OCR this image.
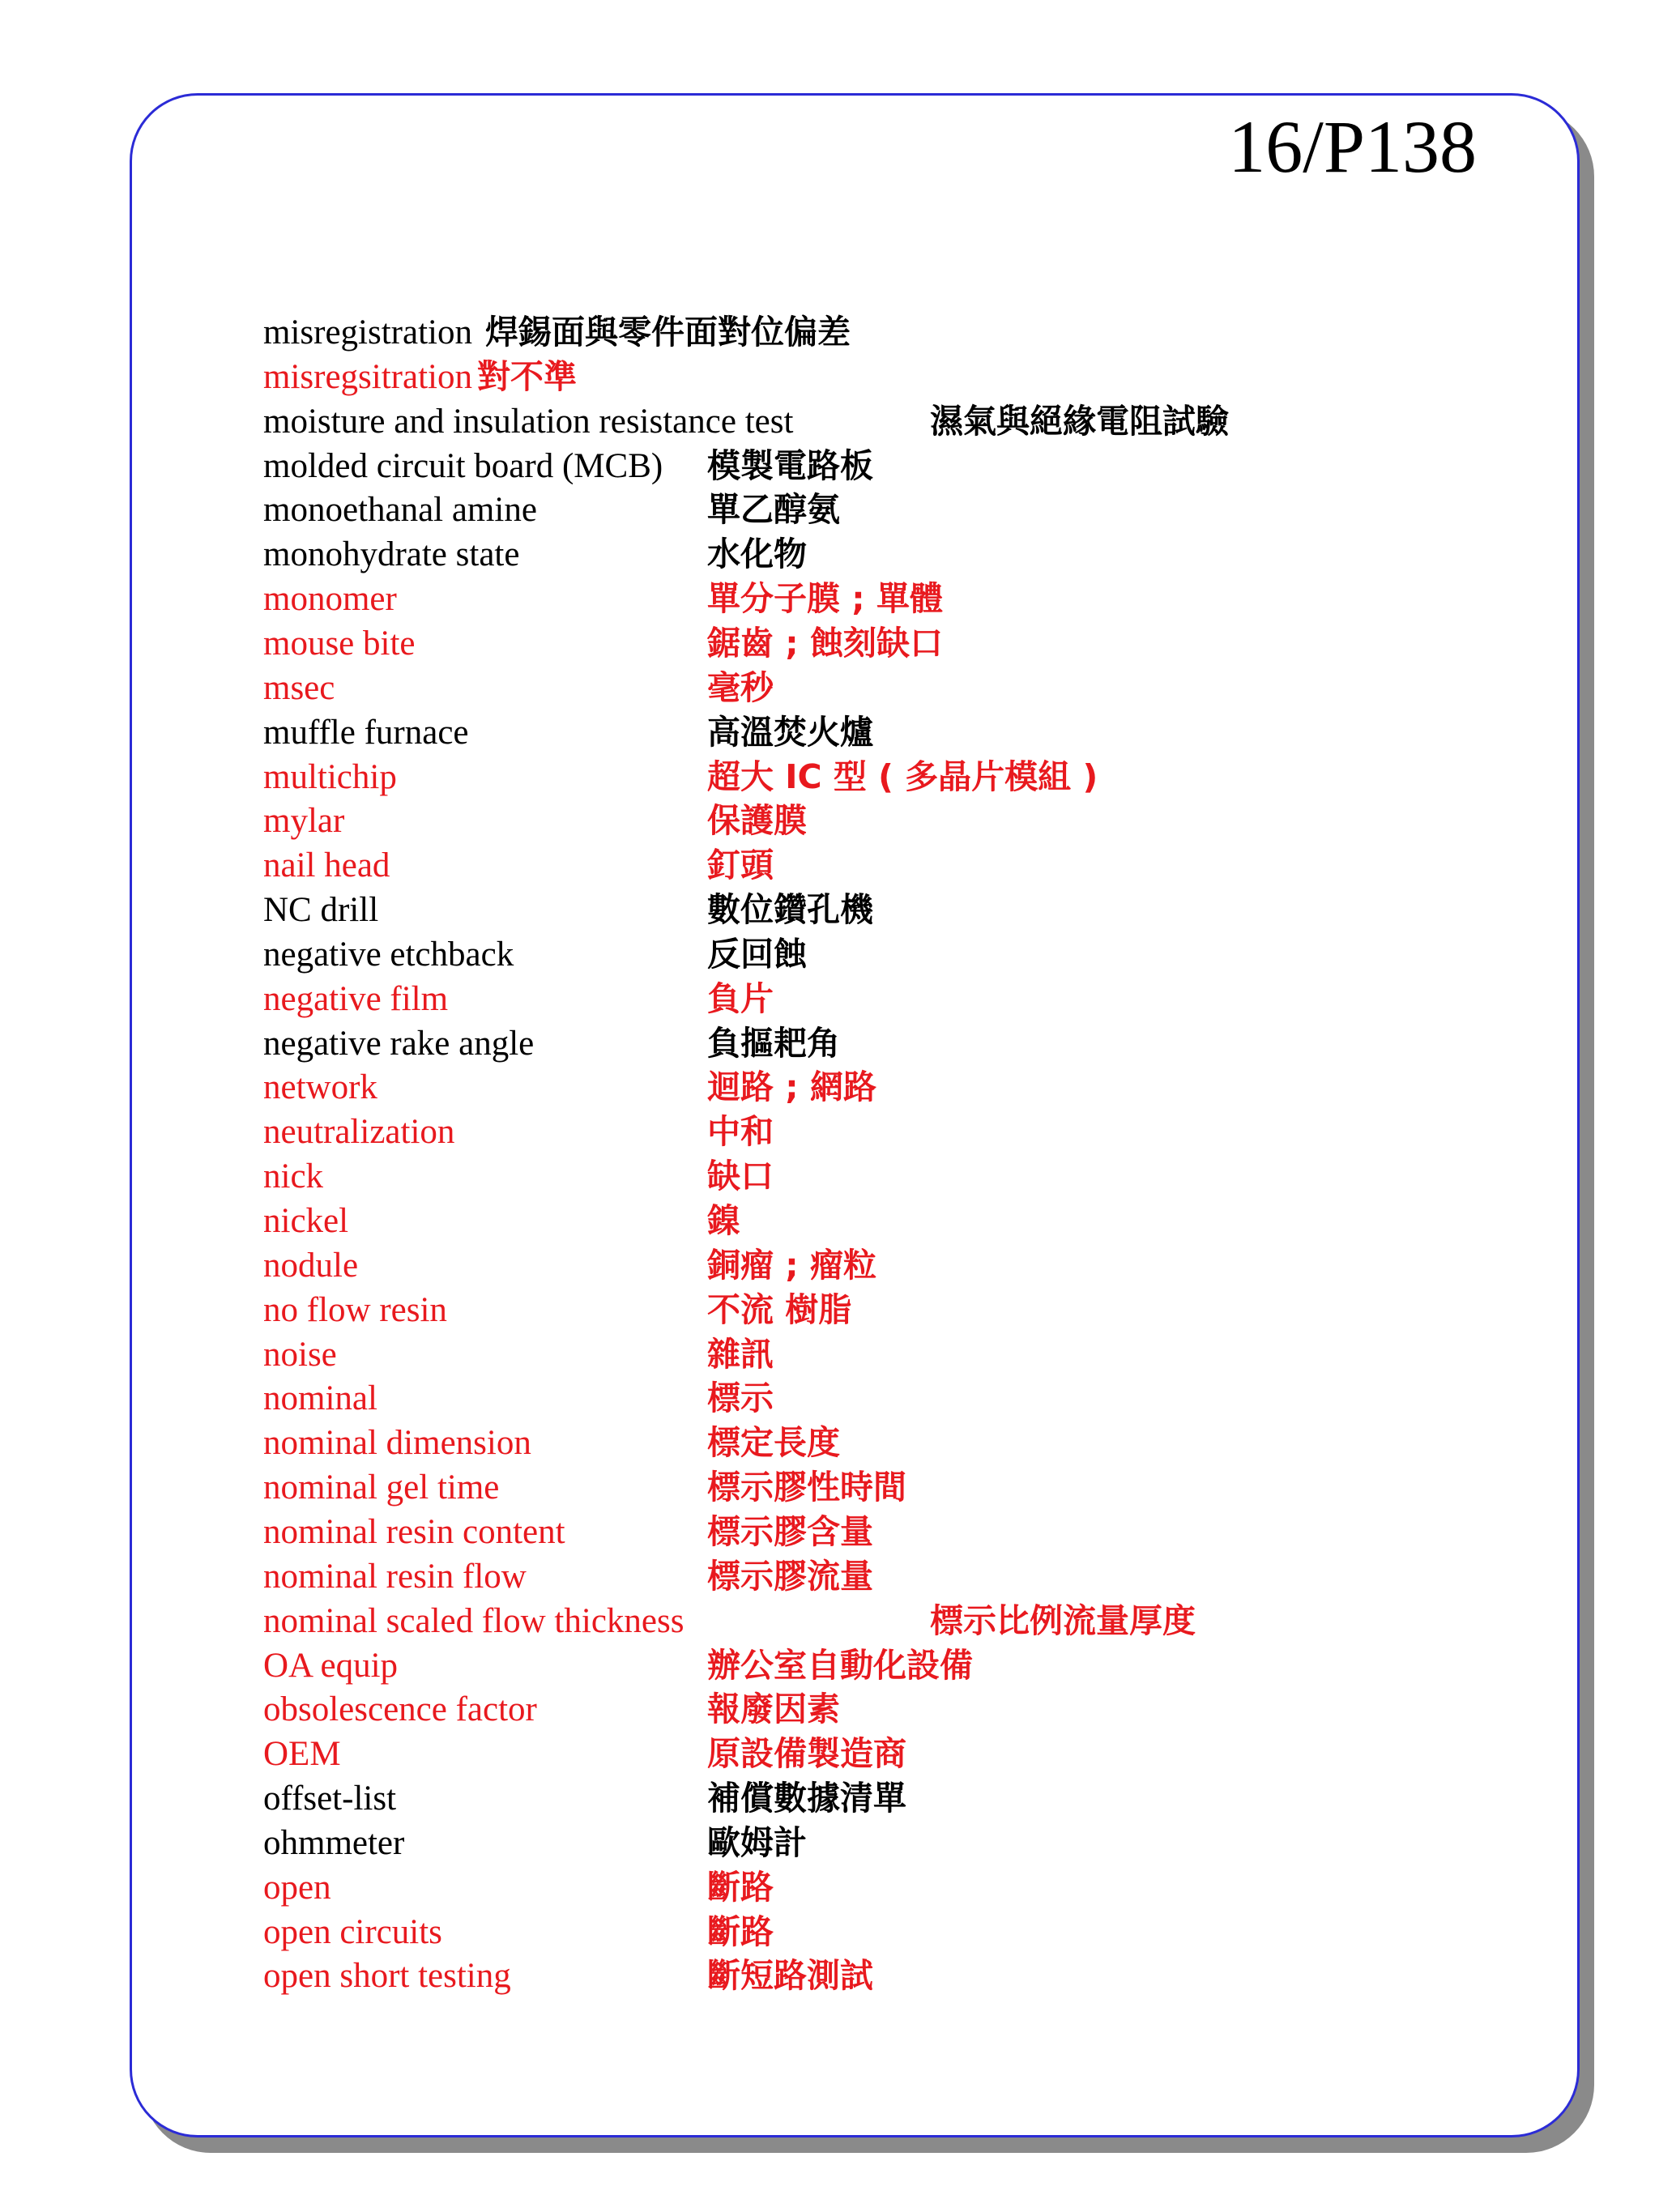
16/P138
misregistration 焊錫面與零件面對位偏差
misregsitration 對不準
moisture and insulation resistance test	濕氣與絕緣電阻試驗
molded circuit board (MCB) 模製電路板
monoethanal amine	單乙醇氨
monohydrate state	水化物
monomer	單分子膜 ; 單體
mouse bite	鋸齒 ; 蝕刻缺口
msec	毫秒
muffle furnace	高溫焚火爐
multichip	超大 IC 型 ( 多晶片模組 )
mylar	保護膜
nail head	釘頭
NC drill	數位鑽孔機
negative etchback	反回蝕
negative film	負片
negative rake angle	負摳耙角
network	迴路 ; 網路
neutralization	中和
nick	缺口
nickel	鎳
nodule	銅瘤 ; 瘤粒
no flow resin	不流 樹脂
noise	雜訊
nominal	標示
nominal dimension	標定長度
nominal gel time	標示膠性時間
nominal resin content	標示膠含量
nominal resin flow	標示膠流量
nominal scaled flow thickness	標示比例流量厚度
OA equip	辦公室自動化設備
obsolescence factor	報廢因素
OEM	原設備製造商
offset-list	補償數據清單
ohmmeter	歐姆計
open	斷路
open circuits	斷路
open short testing	斷短路測試
